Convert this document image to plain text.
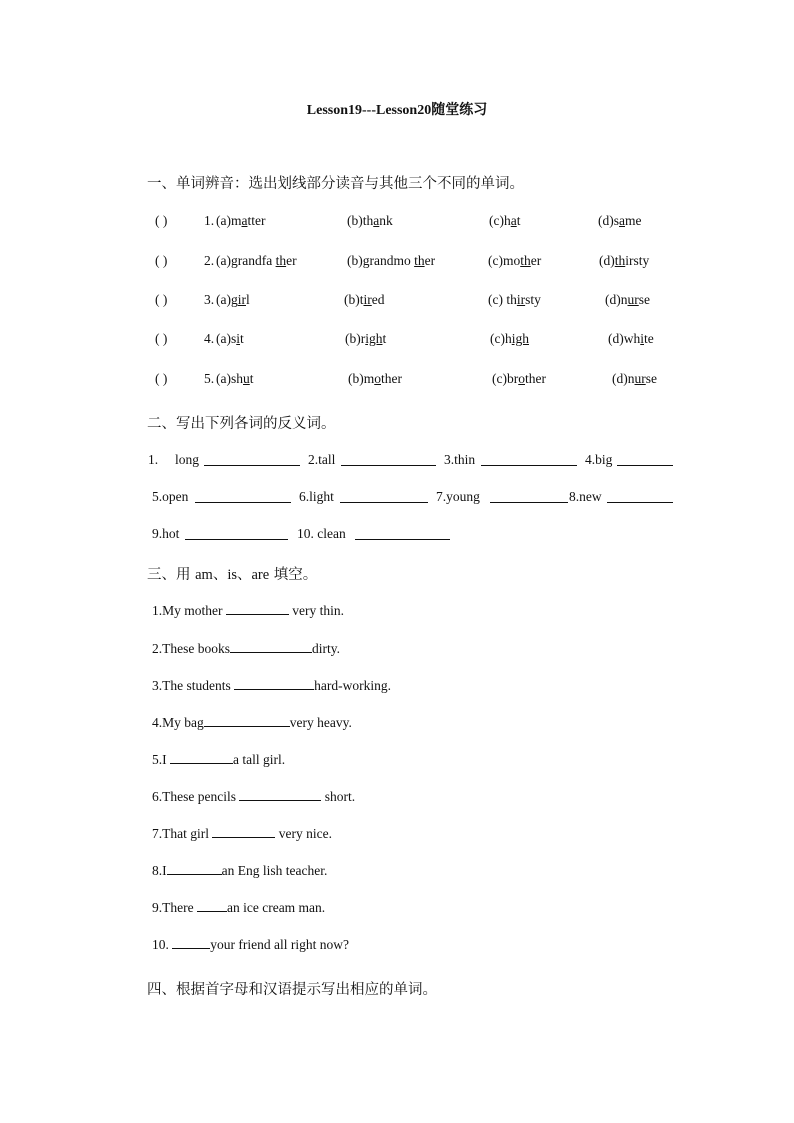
Lesson19---Lesson20随堂练习
一、单词辨音：选出划线部分读音与其他三个不同的单词。
( )	1. (a)matter	(b)thank	(c)hat	(d)same
( )	2. (a)grandfa ther	(b)grandmo ther	(c)mother	(d)thirsty
( )	3. (a)girl	(b)tired	(c) thirsty	(d)nurse
( )	4. (a)sit	(b)right	(c)high	(d)white
( )	5. (a)shut	(b)mother	(c)brother	(d)nurse
二、写出下列各词的反义词。
1. long	2.tall	3.thin	4.big
5.open	6.light	7.young	8.new
9.hot	10. clean
三、用 am、is、are 填空。
1.My mother	very thin.
2.These books	dirty.
3.The students	hard-working.
4.My bag	very heavy.
5.I	a tall girl.
6.These pencils	short.
7.That girl	very nice.
8.I	an Eng lish teacher.
9.There an ice cream man.
10.	your friend all right now?
四、根据首字母和汉语提示写出相应的单词。
